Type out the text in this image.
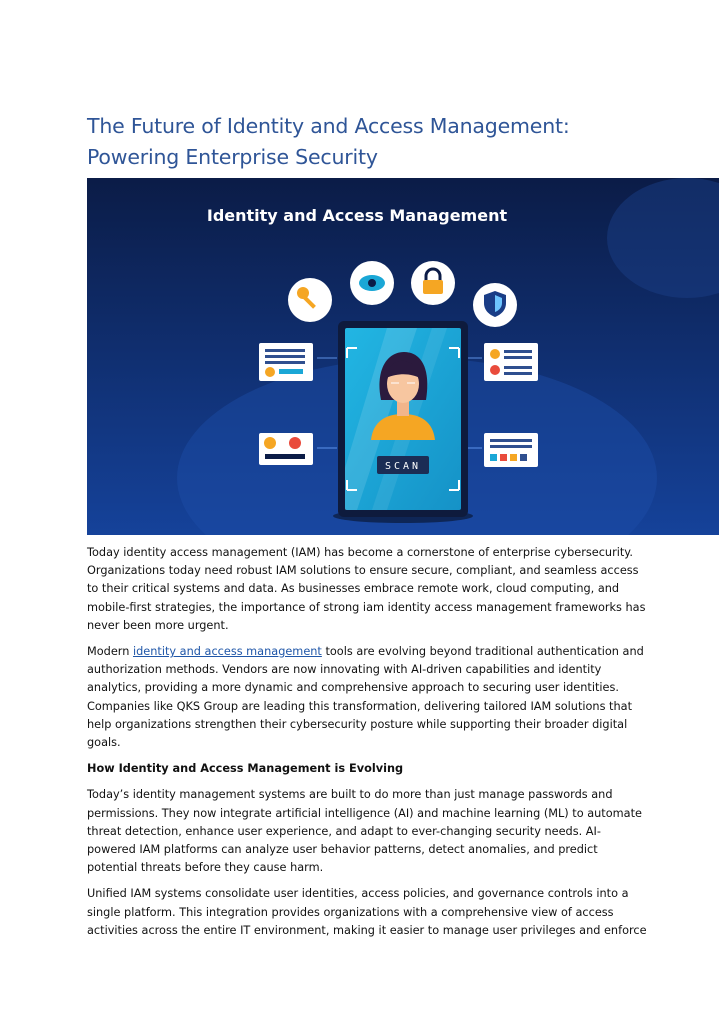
The Future of Identity and Access Management:
Powering Enterprise Security
Identity and Access Management
SCAN

Today identity access management (IAM) has become a cornerstone of enterprise cybersecurity. Organizations today need robust IAM solutions to ensure secure, compliant, and seamless access to their critical systems and data. As businesses embrace remote work, cloud computing, and mobile-first strategies, the importance of strong iam identity access management frameworks has never been more urgent.

Modern identity and access management tools are evolving beyond traditional authentication and authorization methods. Vendors are now innovating with AI-driven capabilities and identity analytics, providing a more dynamic and comprehensive approach to securing user identities. Companies like QKS Group are leading this transformation, delivering tailored IAM solutions that help organizations strengthen their cybersecurity posture while supporting their broader digital goals.

How Identity and Access Management is Evolving

Today’s identity management systems are built to do more than just manage passwords and permissions. They now integrate artificial intelligence (AI) and machine learning (ML) to automate threat detection, enhance user experience, and adapt to ever-changing security needs. AI-powered IAM platforms can analyze user behavior patterns, detect anomalies, and predict potential threats before they cause harm.

Unified IAM systems consolidate user identities, access policies, and governance controls into a single platform. This integration provides organizations with a comprehensive view of access activities across the entire IT environment, making it easier to manage user privileges and enforce
